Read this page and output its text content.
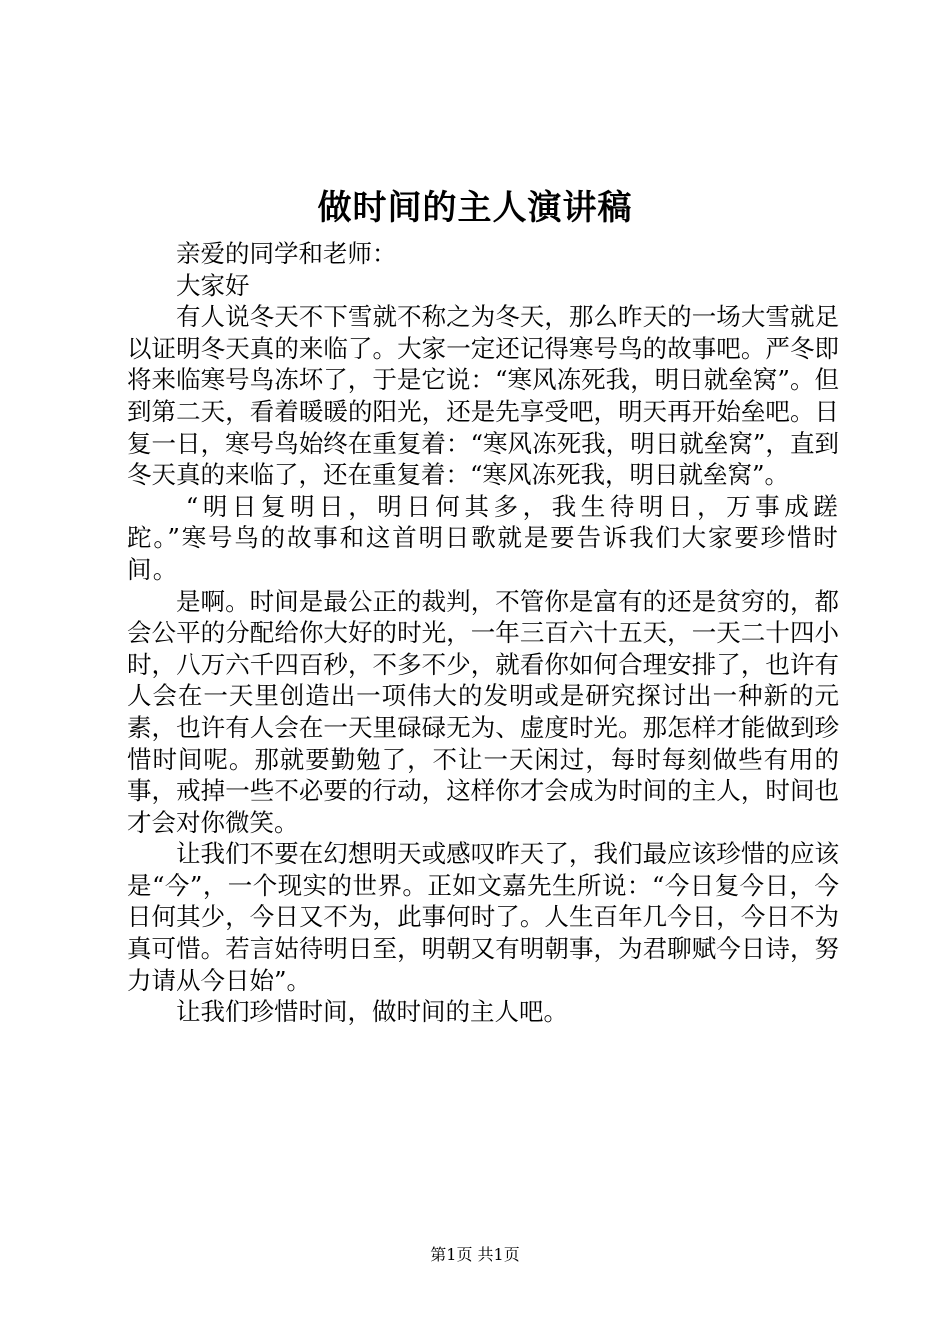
做时间的主人演讲稿

亲爱的同学和老师：

大家好

有人说冬天不下雪就不称之为冬天，那么昨天的一场大雪就足以证明冬天真的来临了。大家一定还记得寒号鸟的故事吧。严冬即将来临寒号鸟冻坏了，于是它说：“寒风冻死我，明日就垒窝”。但到第二天，看着暖暖的阳光，还是先享受吧，明天再开始垒吧。日复一日，寒号鸟始终在重复着：“寒风冻死我，明日就垒窝”，直到冬天真的来临了，还在重复着：“寒风冻死我，明日就垒窝”。

“明日复明日，明日何其多，我生待明日，万事成蹉跎。”寒号鸟的故事和这首明日歌就是要告诉我们大家要珍惜时间。

是啊。时间是最公正的裁判，不管你是富有的还是贫穷的，都会公平的分配给你大好的时光，一年三百六十五天，一天二十四小时，八万六千四百秒，不多不少，就看你如何合理安排了，也许有人会在一天里创造出一项伟大的发明或是研究探讨出一种新的元素，也许有人会在一天里碌碌无为、虚度时光。那怎样才能做到珍惜时间呢。那就要勤勉了，不让一天闲过，每时每刻做些有用的事，戒掉一些不必要的行动，这样你才会成为时间的主人，时间也才会对你微笑。

让我们不要在幻想明天或感叹昨天了，我们最应该珍惜的应该是“今”，一个现实的世界。正如文嘉先生所说：“今日复今日，今日何其少，今日又不为，此事何时了。人生百年几今日，今日不为真可惜。若言姑待明日至，明朝又有明朝事，为君聊赋今日诗，努力请从今日始”。

让我们珍惜时间，做时间的主人吧。

第1页 共1页
